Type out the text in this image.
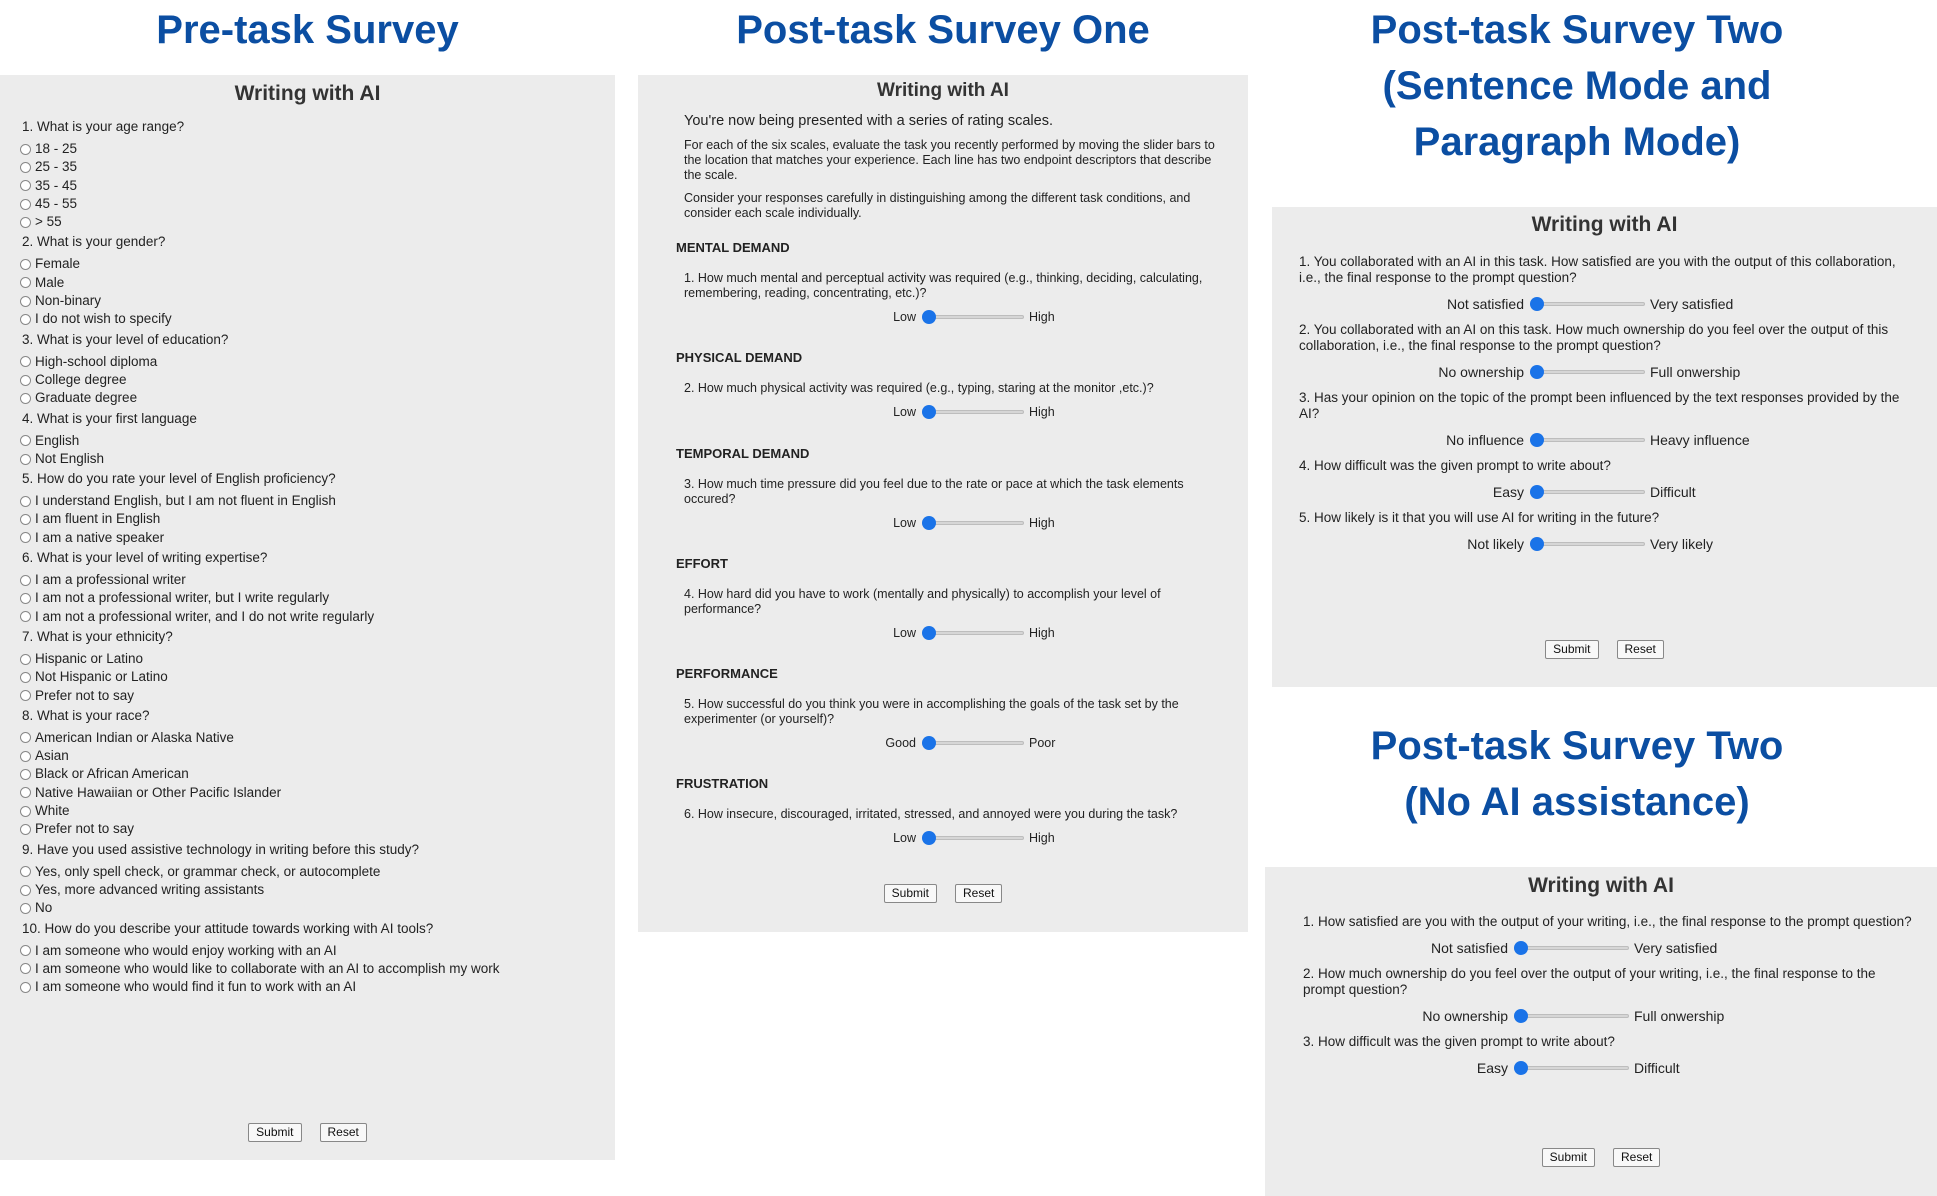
Pre-task Survey	Post-task Survey One	Post-task Survey Two
(Sentence Mode and
Paragraph Mode)
Post-task Survey Two
(No AI assistance)
Writing with AI

1. What is your age range?

18 - 25
25 - 35
35 - 45
45 - 55
> 55

2. What is your gender?

Female
Male
Non-binary
I do not wish to specify

3. What is your level of education?

High-school diploma
College degree
Graduate degree

4. What is your first language

English
Not English

5. How do you rate your level of English proficiency?

I understand English, but I am not fluent in English
I am fluent in English
I am a native speaker

6. What is your level of writing expertise?

I am a professional writer
I am not a professional writer, but I write regularly
I am not a professional writer, and I do not write regularly

7. What is your ethnicity?

Hispanic or Latino
Not Hispanic or Latino
Prefer not to say

8. What is your race?

American Indian or Alaska Native
Asian
Black or African American
Native Hawaiian or Other Pacific Islander
White
Prefer not to say

9. Have you used assistive technology in writing before this study?

Yes, only spell check, or grammar check, or autocomplete
Yes, more advanced writing assistants
No

10. How do you describe your attitude towards working with AI tools?

I am someone who would enjoy working with an AI
I am someone who would like to collaborate with an AI to accomplish my work
I am someone who would find it fun to work with an AI
Submit	Reset
Writing with AI

You're now being presented with a series of rating scales.

For each of the six scales, evaluate the task you recently performed by moving the slider bars to the location that matches your experience. Each line has two endpoint descriptors that describe the scale.

Consider your responses carefully in distinguishing among the different task conditions, and consider each scale individually.

MENTAL DEMAND

1. How much mental and perceptual activity was required (e.g., thinking, deciding, calculating, remembering, reading, concentrating, etc.)?

Low	High

PHYSICAL DEMAND

2. How much physical activity was required (e.g., typing, staring at the monitor ,etc.)?

Low	High

TEMPORAL DEMAND

3. How much time pressure did you feel due to the rate or pace at which the task elements occured?

Low	High

EFFORT

4. How hard did you have to work (mentally and physically) to accomplish your level of performance?

Low	High

PERFORMANCE

5. How successful do you think you were in accomplishing the goals of the task set by the experimenter (or yourself)?

Good	Poor

FRUSTRATION

6. How insecure, discouraged, irritated, stressed, and annoyed were you during the task?

Low	High
Submit	Reset
Writing with AI

1. You collaborated with an AI in this task. How satisfied are you with the output of this collaboration, i.e., the final response to the prompt question?

Not satisfied	Very satisfied

2. You collaborated with an AI on this task. How much ownership do you feel over the output of this collaboration, i.e., the final response to the prompt question?

No ownership	Full onwership

3. Has your opinion on the topic of the prompt been influenced by the text responses provided by the AI?

No influence	Heavy influence

4. How difficult was the given prompt to write about?

Easy	Difficult

5. How likely is it that you will use AI for writing in the future?

Not likely	Very likely
Submit	Reset
Writing with AI

1. How satisfied are you with the output of your writing, i.e., the final response to the prompt question?

Not satisfied	Very satisfied

2. How much ownership do you feel over the output of your writing, i.e., the final response to the prompt question?

No ownership	Full onwership

3. How difficult was the given prompt to write about?

Easy	Difficult
Submit	Reset
